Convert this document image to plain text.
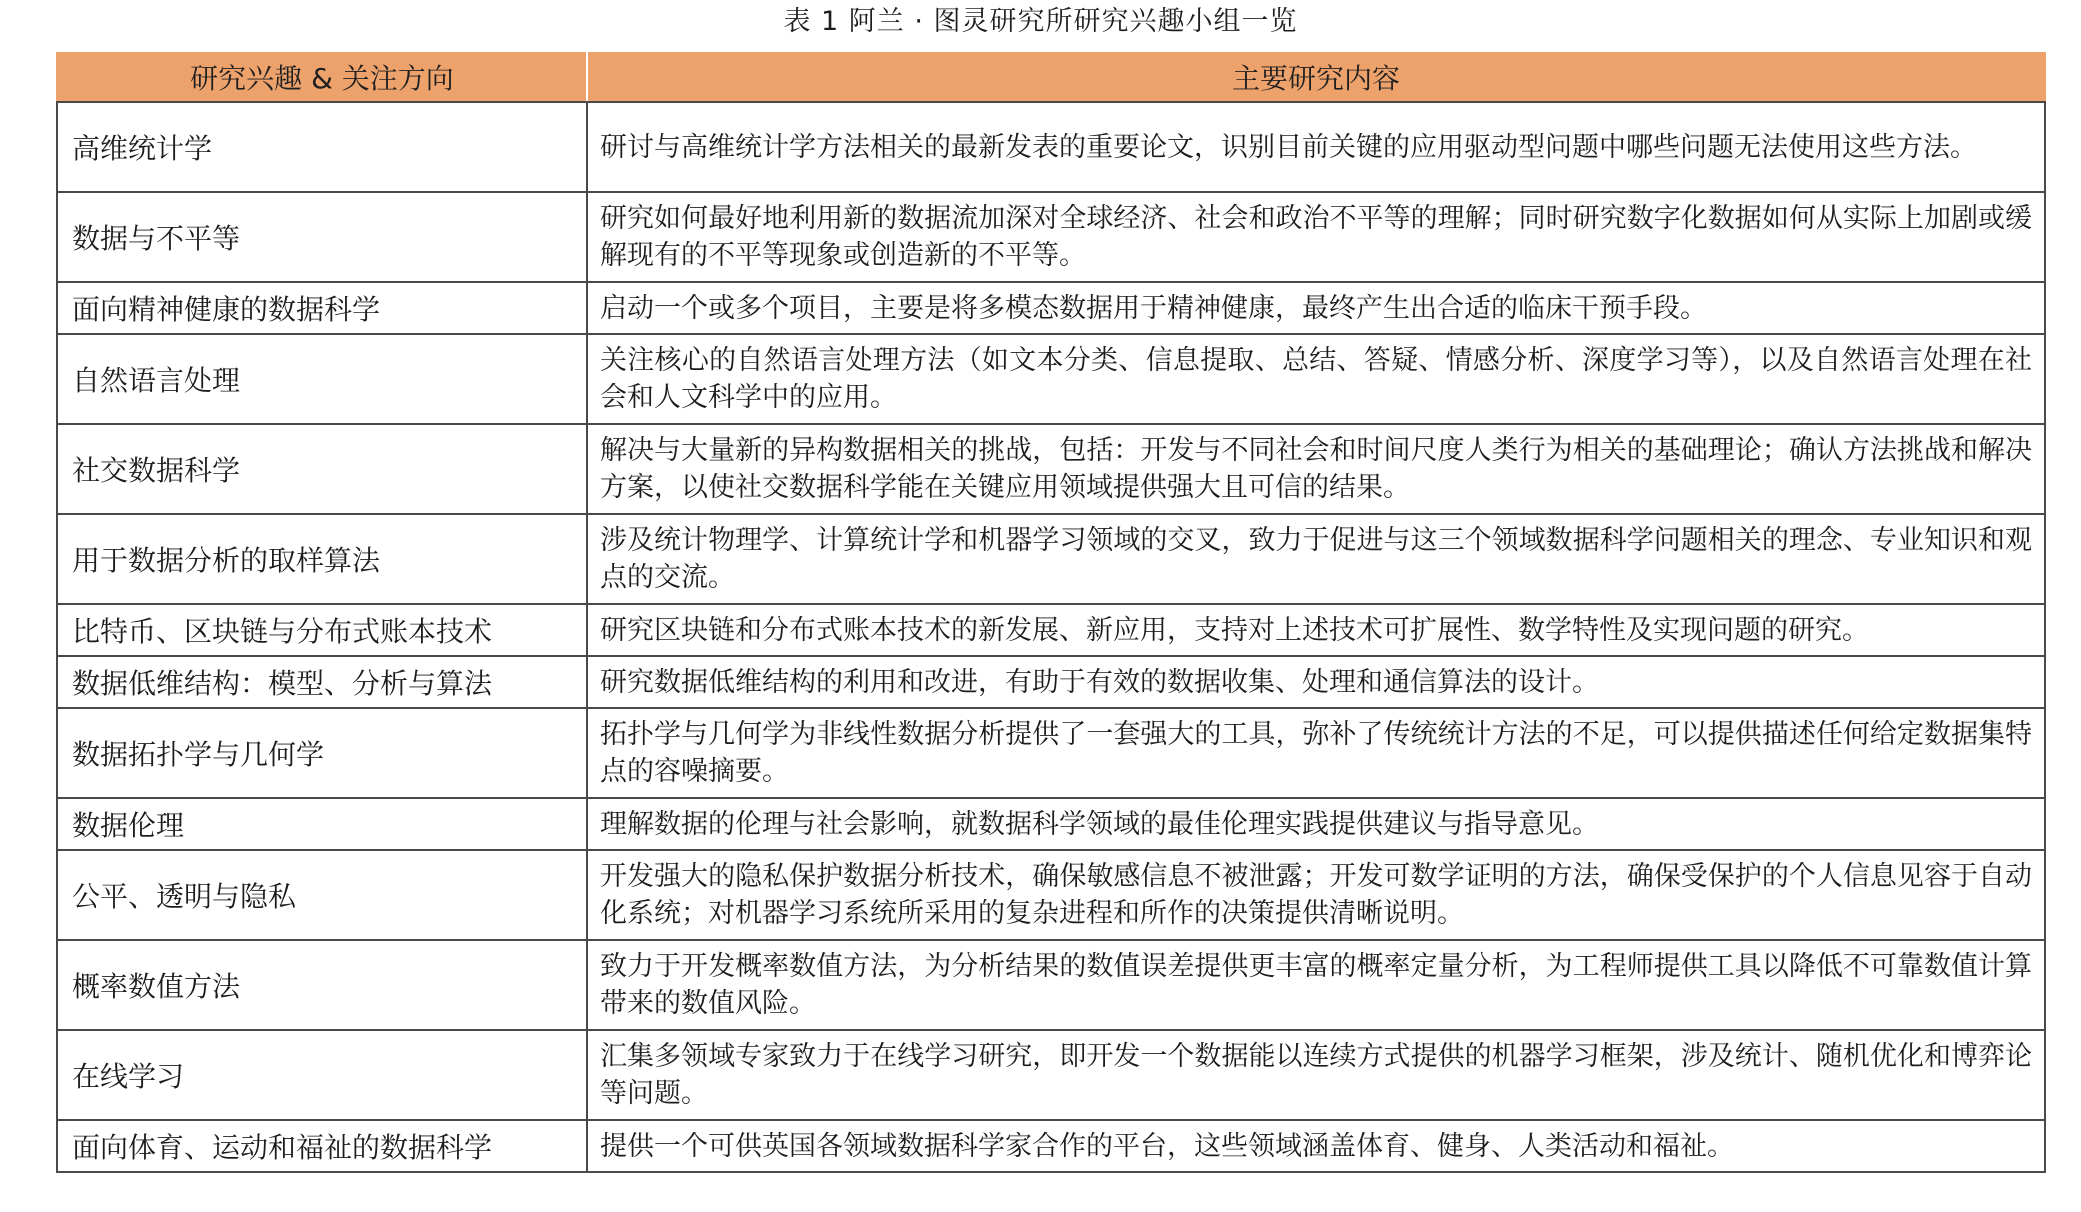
表 1 阿兰 · 图灵研究所研究兴趣小组一览
研究兴趣 & 关注方向	主要研究内容
高维统计学	研讨与高维统计学方法相关的最新发表的重要论文，识别目前关键的应用驱动型问题中哪些问题无法使用这些方法。
数据与不平等	研究如何最好地利用新的数据流加深对全球经济、社会和政治不平等的理解；同时研究数字化数据如何从实际上加剧或缓解现有的不平等现象或创造新的不平等。
面向精神健康的数据科学	启动一个或多个项目，主要是将多模态数据用于精神健康，最终产生出合适的临床干预手段。
自然语言处理	关注核心的自然语言处理方法（如文本分类、信息提取、总结、答疑、情感分析、深度学习等），以及自然语言处理在社会和人文科学中的应用。
社交数据科学	解决与大量新的异构数据相关的挑战，包括：开发与不同社会和时间尺度人类行为相关的基础理论；确认方法挑战和解决方案，以使社交数据科学能在关键应用领域提供强大且可信的结果。
用于数据分析的取样算法	涉及统计物理学、计算统计学和机器学习领域的交叉，致力于促进与这三个领域数据科学问题相关的理念、专业知识和观点的交流。
比特币、区块链与分布式账本技术	研究区块链和分布式账本技术的新发展、新应用，支持对上述技术可扩展性、数学特性及实现问题的研究。
数据低维结构：模型、分析与算法	研究数据低维结构的利用和改进，有助于有效的数据收集、处理和通信算法的设计。
数据拓扑学与几何学	拓扑学与几何学为非线性数据分析提供了一套强大的工具，弥补了传统统计方法的不足，可以提供描述任何给定数据集特点的容噪摘要。
数据伦理	理解数据的伦理与社会影响，就数据科学领域的最佳伦理实践提供建议与指导意见。
公平、透明与隐私	开发强大的隐私保护数据分析技术，确保敏感信息不被泄露；开发可数学证明的方法，确保受保护的个人信息见容于自动化系统；对机器学习系统所采用的复杂进程和所作的决策提供清晰说明。
概率数值方法	致力于开发概率数值方法，为分析结果的数值误差提供更丰富的概率定量分析，为工程师提供工具以降低不可靠数值计算带来的数值风险。
在线学习	汇集多领域专家致力于在线学习研究，即开发一个数据能以连续方式提供的机器学习框架，涉及统计、随机优化和博弈论等问题。
面向体育、运动和福祉的数据科学	提供一个可供英国各领域数据科学家合作的平台，这些领域涵盖体育、健身、人类活动和福祉。
